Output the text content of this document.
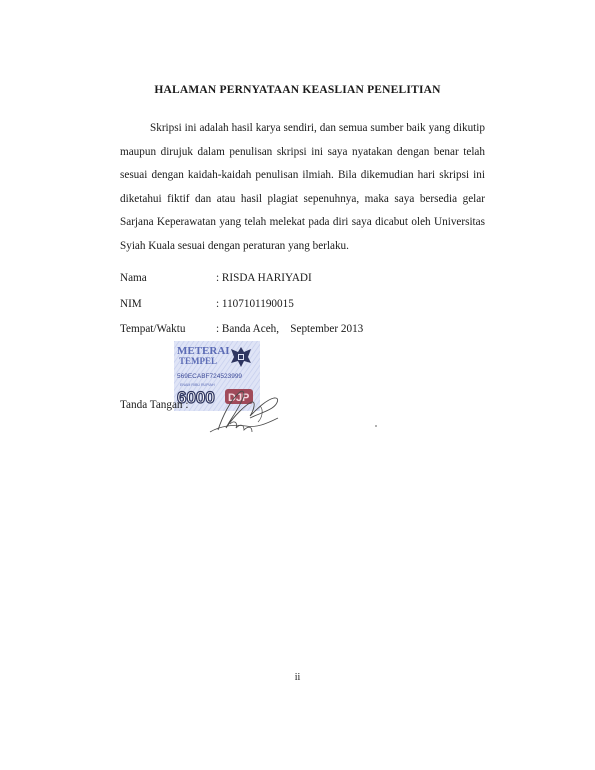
HALAMAN PERNYATAAN KEASLIAN PENELITIAN
Skripsi ini adalah hasil karya sendiri, dan semua sumber baik yang dikutip
maupun dirujuk dalam penulisan skripsi ini saya nyatakan dengan benar telah
sesuai dengan kaidah-kaidah penulisan ilmiah. Bila dikemudian hari skripsi ini
diketahui fiktif dan atau hasil plagiat sepenuhnya, maka saya bersedia gelar
Sarjana Keperawatan yang telah melekat pada diri saya dicabut oleh Universitas
Syiah Kuala sesuai dengan peraturan yang berlaku.
Nama	: RISDA HARIYADI
NIM	: 1107101190015
Tempat/Waktu	: Banda Aceh,    September 2013
METERAI
TEMPEL
569ECABF724523999
ENAM RIBU RUPIAH
6000 DJP
Tanda Tangan :
ii
